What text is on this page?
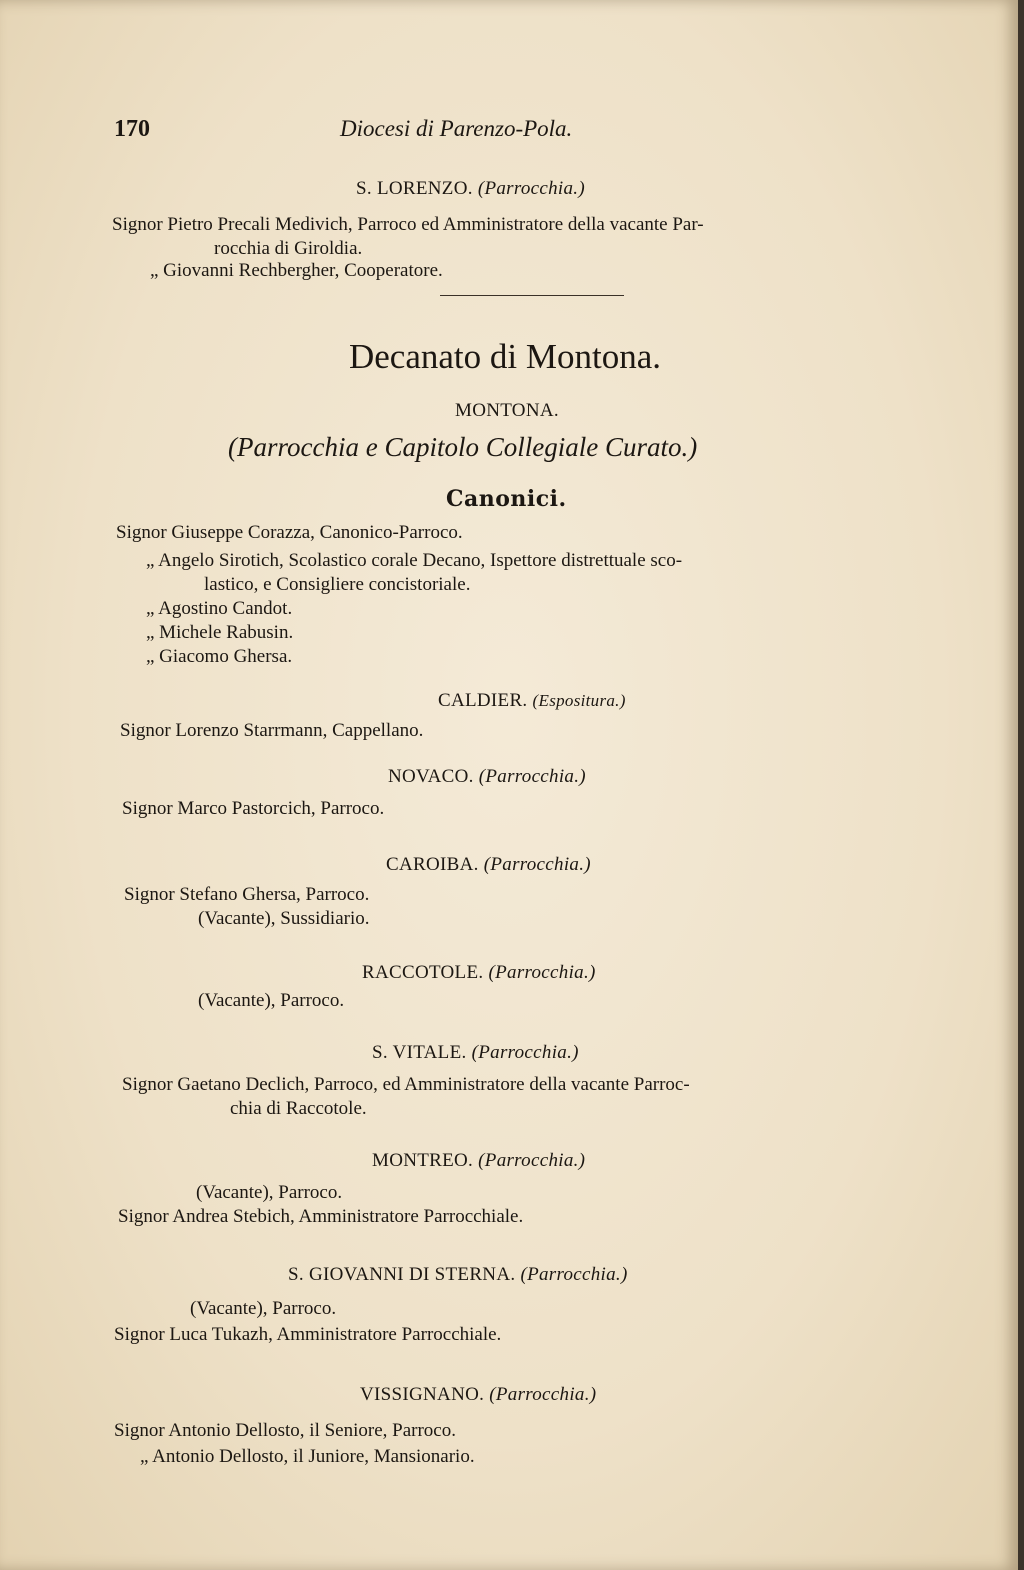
170	Diocesi di Parenzo-Pola.
S. LORENZO. (Parrocchia.)
Signor Pietro Precali Medivich, Parroco ed Amministratore della vacante Par-
rocchia di Giroldia.
„ Giovanni Rechbergher, Cooperatore.
Decanato di Montona.
MONTONA.
(Parrocchia e Capitolo Collegiale Curato.)
Canonici.
Signor Giuseppe Corazza, Canonico-Parroco.
„ Angelo Sirotich, Scolastico corale Decano, Ispettore distrettuale sco-
lastico, e Consigliere concistoriale.
„ Agostino Candot.
„ Michele Rabusin.
„ Giacomo Ghersa.
CALDIER. (Espositura.)
Signor Lorenzo Starrmann, Cappellano.
NOVACO. (Parrocchia.)
Signor Marco Pastorcich, Parroco.
CAROIBA. (Parrocchia.)
Signor Stefano Ghersa, Parroco.
(Vacante), Sussidiario.
RACCOTOLE. (Parrocchia.)
(Vacante), Parroco.
S. VITALE. (Parrocchia.)
Signor Gaetano Declich, Parroco, ed Amministratore della vacante Parroc-
chia di Raccotole.
MONTREO. (Parrocchia.)
(Vacante), Parroco.
Signor Andrea Stebich, Amministratore Parrocchiale.
S. GIOVANNI DI STERNA. (Parrocchia.)
(Vacante), Parroco.
Signor Luca Tukazh, Amministratore Parrocchiale.
VISSIGNANO. (Parrocchia.)
Signor Antonio Dellosto, il Seniore, Parroco.
„ Antonio Dellosto, il Juniore, Mansionario.
